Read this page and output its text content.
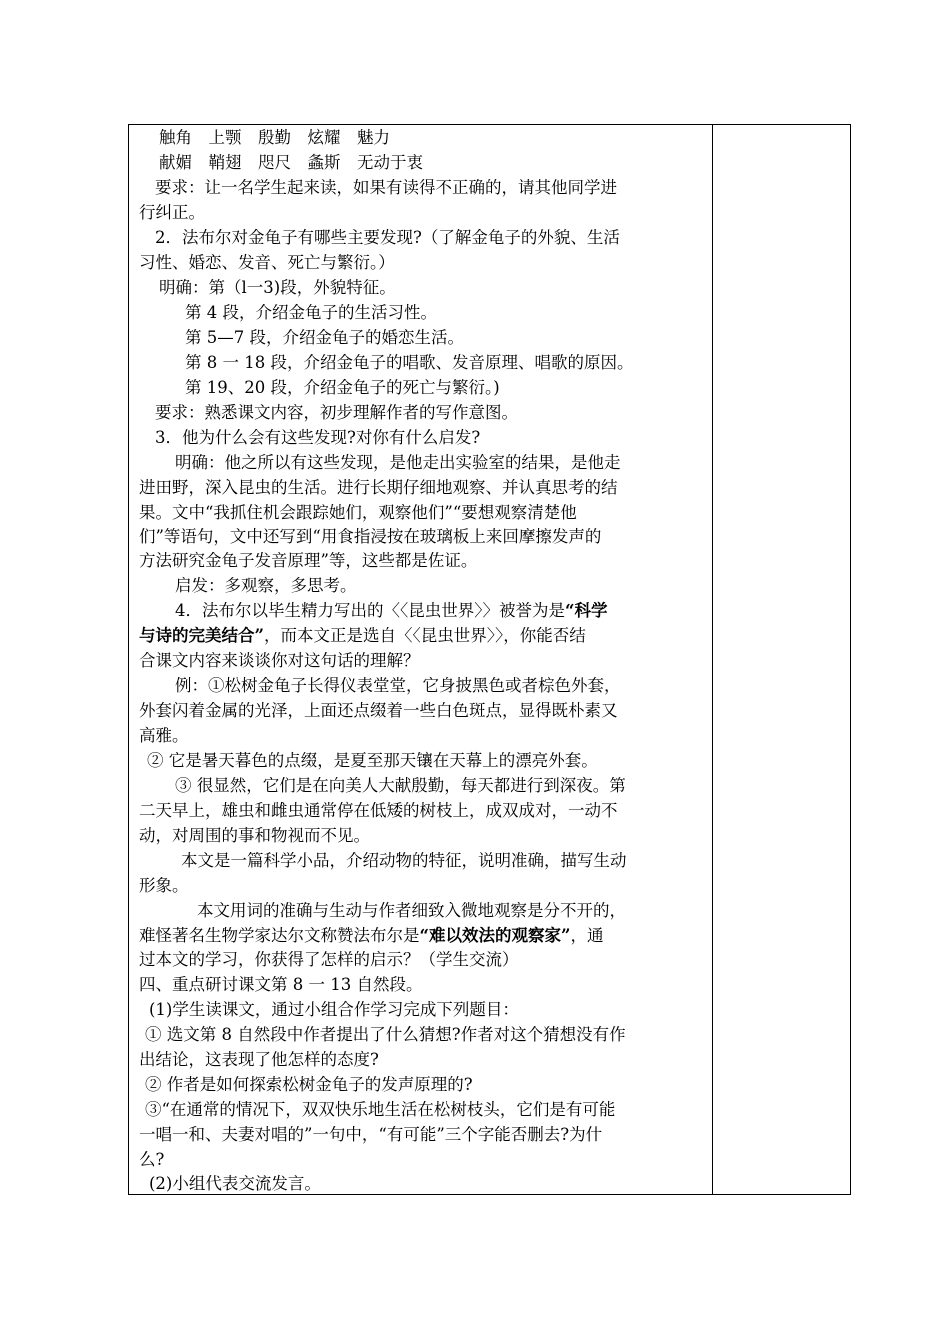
触角　上颚　殷勤　炫耀　魅力
献媚　鞘翅　咫尺　螽斯　无动于衷
要求：让一名学生起来读，如果有读得不正确的，请其他同学进
行纠正。
2．法布尔对金龟子有哪些主要发现?（了解金龟子的外貌、生活
习性、婚恋、发音、死亡与繁衍。）
明确：第（l一3)段，外貌特征。
第 4 段，介绍金龟子的生活习性。
第 5—7 段，介绍金龟子的婚恋生活。
第 8 一 18 段，介绍金龟子的唱歌、发音原理、唱歌的原因。
第 19、20 段，介绍金龟子的死亡与繁衍。)
要求：熟悉课文内容，初步理解作者的写作意图。
3．他为什么会有这些发现?对你有什么启发?
明确：他之所以有这些发现，是他走出实验室的结果，是他走
进田野，深入昆虫的生活。进行长期仔细地观察、并认真思考的结
果。文中“我抓住机会跟踪她们，观察他们”“要想观察清楚他
们”等语句，文中还写到“用食指浸按在玻璃板上来回摩擦发声的
方法研究金龟子发音原理”等，这些都是佐证。
启发：多观察，多思考。
4．法布尔以毕生精力写出的〈〈昆虫世界〉〉被誉为是“科学
与诗的完美结合”，而本文正是选自〈〈昆虫世界〉〉，你能否结
合课文内容来谈谈你对这句话的理解？
例：①松树金龟子长得仪表堂堂，它身披黑色或者棕色外套，
外套闪着金属的光泽，上面还点缀着一些白色斑点，显得既朴素又
高雅。
② 它是暑天暮色的点缀，是夏至那天镶在天幕上的漂亮外套。
③ 很显然，它们是在向美人大献殷勤，每天都进行到深夜。第
二天早上，雄虫和雌虫通常停在低矮的树枝上，成双成对，一动不
动，对周围的事和物视而不见。
本文是一篇科学小品，介绍动物的特征，说明准确，描写生动
形象。
本文用词的准确与生动与作者细致入微地观察是分不开的，
难怪著名生物学家达尔文称赞法布尔是“难以效法的观察家”，通
过本文的学习，你获得了怎样的启示？（学生交流）
四、重点研讨课文第 8 一 13 自然段。
(1)学生读课文，通过小组合作学习完成下列题目：
① 选文第 8 自然段中作者提出了什么猜想?作者对这个猜想没有作
出结论，这表现了他怎样的态度?
② 作者是如何探索松树金龟子的发声原理的?
③“在通常的情况下，双双快乐地生活在松树枝头，它们是有可能
一唱一和、夫妻对唱的”一句中，“有可能”三个字能否删去?为什
么?
(2)小组代表交流发言。
